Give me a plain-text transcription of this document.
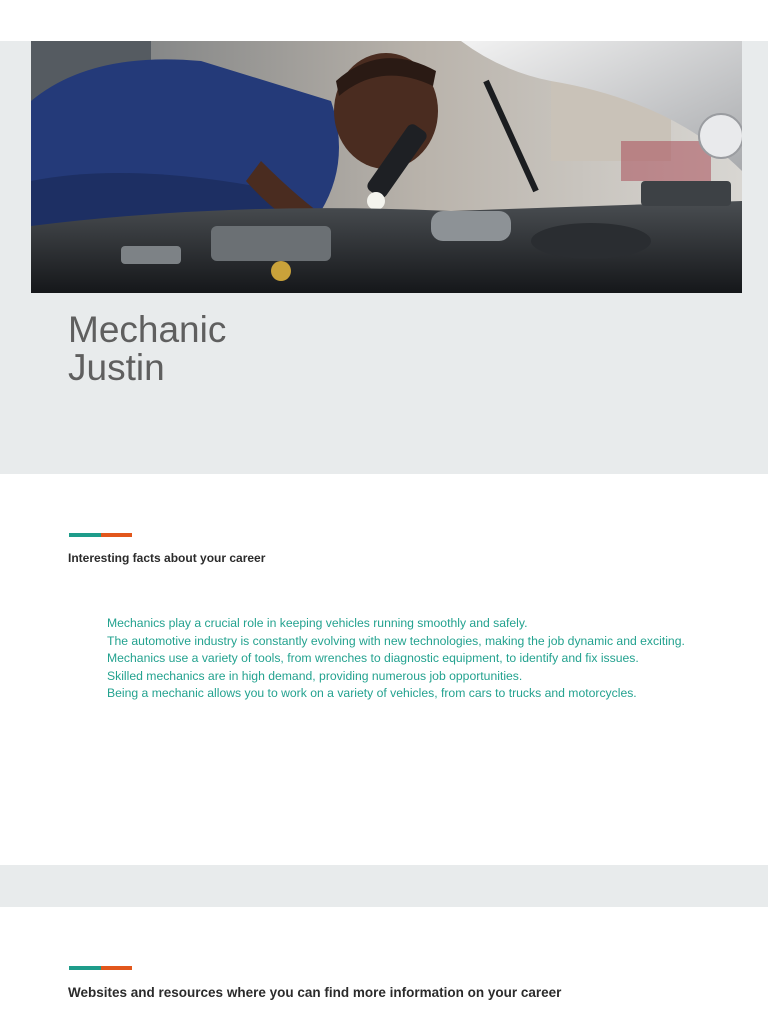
Mechanic
Justin
Interesting facts about your career
Mechanics play a crucial role in keeping vehicles running smoothly and safely.
The automotive industry is constantly evolving with new technologies, making the job dynamic and exciting.
Mechanics use a variety of tools, from wrenches to diagnostic equipment, to identify and fix issues.
Skilled mechanics are in high demand, providing numerous job opportunities.
Being a mechanic allows you to work on a variety of vehicles, from cars to trucks and motorcycles.
Websites and resources where you can find more information on your career
